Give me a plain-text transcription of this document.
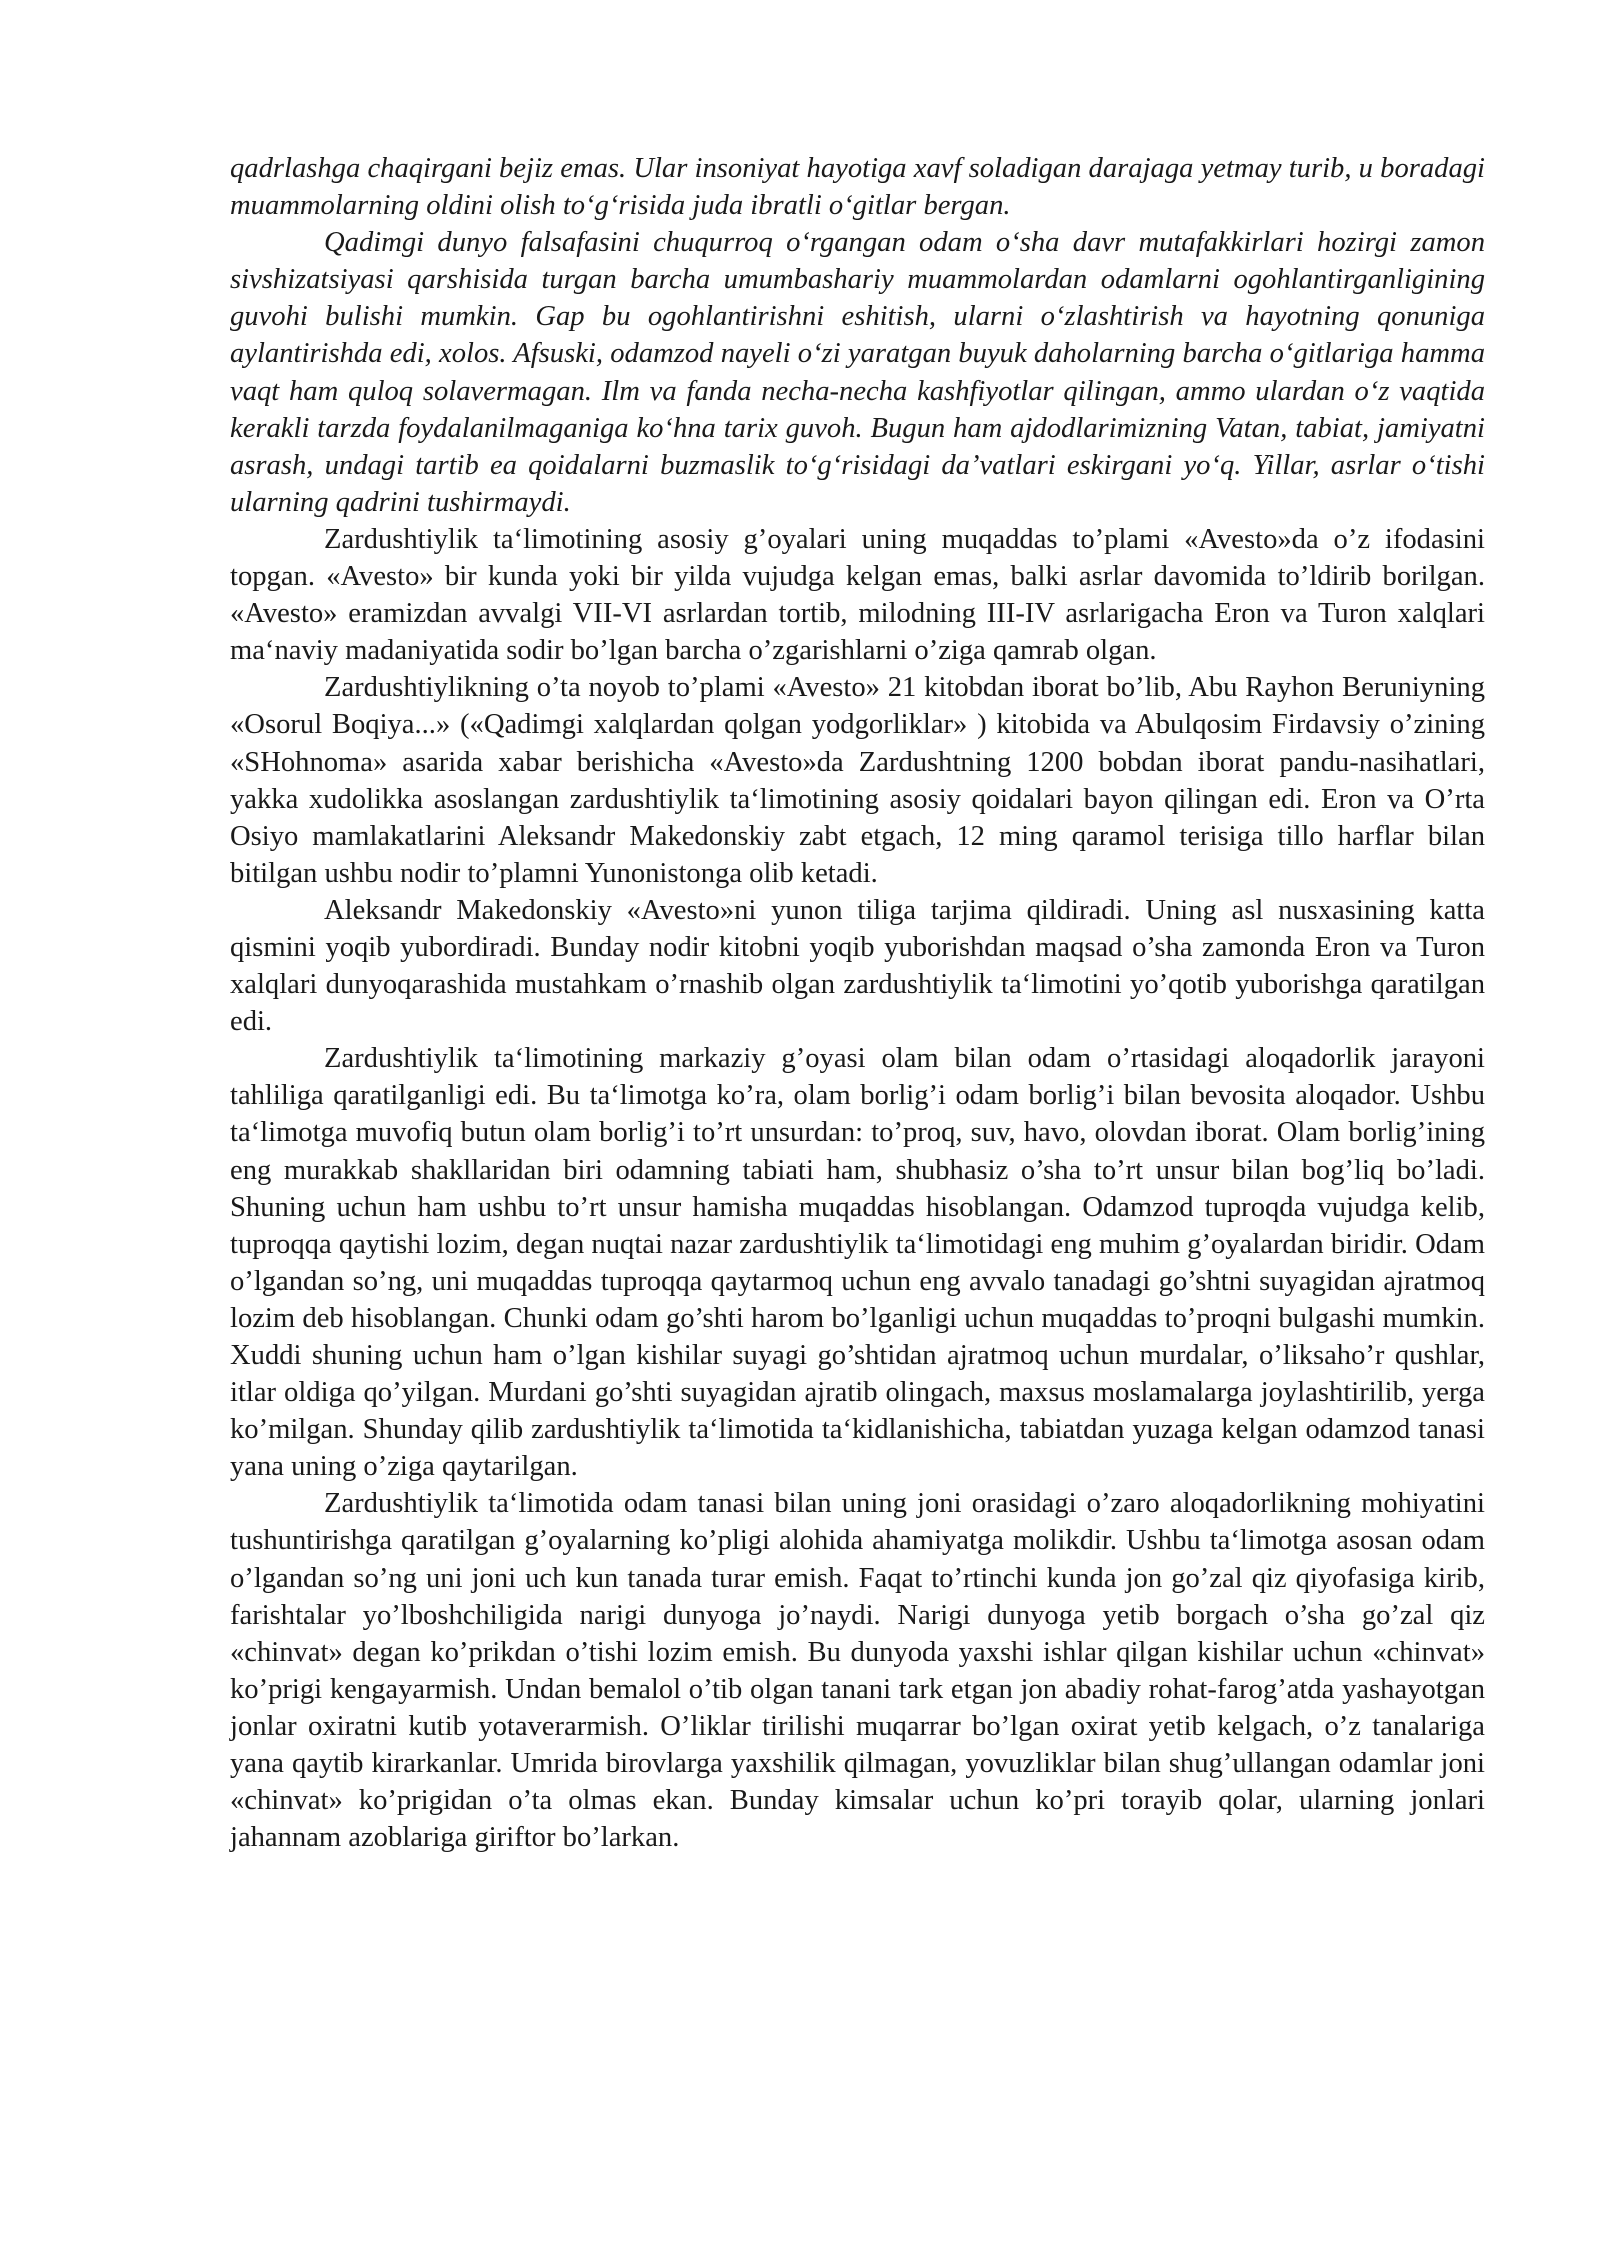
qadrlashga chaqirgani bejiz emas. Ular insoniyat hayotiga xavf soladigan darajaga yetmay turib, u boradagi muammolarning oldini olish to‘g‘risida juda ibratli o‘gitlar bergan.

Qadimgi dunyo falsafasini chuqurroq o‘rgangan odam o‘sha davr mutafakkirlari hozirgi zamon sivshizatsiyasi qarshisida turgan barcha umumbashariy muammolardan odamlarni ogohlantirganligining guvohi bulishi mumkin. Gap bu ogohlantirishni eshitish, ularni o‘zlashtirish va hayotning qonuniga aylantirishda edi, xolos. Afsuski, odamzod nayeli o‘zi yaratgan buyuk daholarning barcha o‘gitlariga hamma vaqt ham quloq solavermagan. Ilm va fanda necha-necha kashfiyotlar qilingan, ammo ulardan o‘z vaqtida kerakli tarzda foydalanilmaganiga ko‘hna tarix guvoh. Bugun ham ajdodlarimizning Vatan, tabiat, jamiyatni asrash, undagi tartib ea qoidalarni buzmaslik to‘g‘risidagi da’vatlari eskirgani yo‘q. Yillar, asrlar o‘tishi ularning qadrini tushirmaydi.

Zardushtiylik ta‘limotining asosiy g’oyalari uning muqaddas to’plami «Avesto»da o’z ifodasini topgan. «Avesto» bir kunda yoki bir yilda vujudga kelgan emas, balki asrlar davomida to’ldirib borilgan. «Avesto» eramizdan avvalgi VII-VI asrlardan tortib, milodning III-IV asrlarigacha Eron va Turon xalqlari ma‘naviy madaniyatida sodir bo’lgan barcha o’zgarishlarni o’ziga qamrab olgan.

Zardushtiylikning o’ta noyob to’plami «Avesto» 21 kitobdan iborat bo’lib, Abu Rayhon Beruniyning «Osorul Boqiya...» («Qadimgi xalqlardan qolgan yodgorliklar» ) kitobida va Abulqosim Firdavsiy o’zining «SHohnoma» asarida xabar berishicha «Avesto»da Zardushtning 1200 bobdan iborat pandu-nasihatlari, yakka xudolikka asoslangan zardushtiylik ta‘limotining asosiy qoidalari bayon qilingan edi. Eron va O’rta Osiyo mamlakatlarini Aleksandr Makedonskiy zabt etgach, 12 ming qaramol terisiga tillo harflar bilan bitilgan ushbu nodir to’plamni Yunonistonga olib ketadi.

Aleksandr Makedonskiy «Avesto»ni yunon tiliga tarjima qildiradi. Uning asl nusxasining katta qismini yoqib yubordiradi. Bunday nodir kitobni yoqib yuborishdan maqsad o’sha zamonda Eron va Turon xalqlari dunyoqarashida mustahkam o’rnashib olgan zardushtiylik ta‘limotini yo’qotib yuborishga qaratilgan edi.

Zardushtiylik ta‘limotining markaziy g’oyasi olam bilan odam o’rtasidagi aloqadorlik jarayoni tahliliga qaratilganligi edi. Bu ta‘limotga ko’ra, olam borlig’i odam borlig’i bilan bevosita aloqador. Ushbu ta‘limotga muvofiq butun olam borlig’i to’rt unsurdan: to’proq, suv, havo, olovdan iborat. Olam borlig’ining eng murakkab shakllaridan biri odamning tabiati ham, shubhasiz o’sha to’rt unsur bilan bog’liq bo’ladi. Shuning uchun ham ushbu to’rt unsur hamisha muqaddas hisoblangan. Odamzod tuproqda vujudga kelib, tuproqqa qaytishi lozim, degan nuqtai nazar zardushtiylik ta‘limotidagi eng muhim g’oyalardan biridir. Odam o’lgandan so’ng, uni muqaddas tuproqqa qaytarmoq uchun eng avvalo tanadagi go’shtni suyagidan ajratmoq lozim deb hisoblangan. Chunki odam go’shti harom bo’lganligi uchun muqaddas to’proqni bulgashi mumkin. Xuddi shuning uchun ham o’lgan kishilar suyagi go’shtidan ajratmoq uchun murdalar, o’liksaho’r qushlar, itlar oldiga qo’yilgan. Murdani go’shti suyagidan ajratib olingach, maxsus moslamalarga joylashtirilib, yerga ko’milgan. Shunday qilib zardushtiylik ta‘limotida ta‘kidlanishicha, tabiatdan yuzaga kelgan odamzod tanasi yana uning o’ziga qaytarilgan.

Zardushtiylik ta‘limotida odam tanasi bilan uning joni orasidagi o’zaro aloqadorlikning mohiyatini tushuntirishga qaratilgan g’oyalarning ko’pligi alohida ahamiyatga molikdir. Ushbu ta‘limotga asosan odam o’lgandan so’ng uni joni uch kun tanada turar emish. Faqat to’rtinchi kunda jon go’zal qiz qiyofasiga kirib, farishtalar yo’lboshchiligida narigi dunyoga jo’naydi. Narigi dunyoga yetib borgach o’sha go’zal qiz «chinvat» degan ko’prikdan o’tishi lozim emish. Bu dunyoda yaxshi ishlar qilgan kishilar uchun «chinvat» ko’prigi kengayarmish. Undan bemalol o’tib olgan tanani tark etgan jon abadiy rohat-farog’atda yashayotgan jonlar oxiratni kutib yotaverarmish. O’liklar tirilishi muqarrar bo’lgan oxirat yetib kelgach, o’z tanalariga yana qaytib kirarkanlar. Umrida birovlarga yaxshilik qilmagan, yovuzliklar bilan shug’ullangan odamlar joni «chinvat» ko’prigidan o’ta olmas ekan. Bunday kimsalar uchun ko’pri torayib qolar, ularning jonlari jahannam azoblariga giriftor bo’larkan.
